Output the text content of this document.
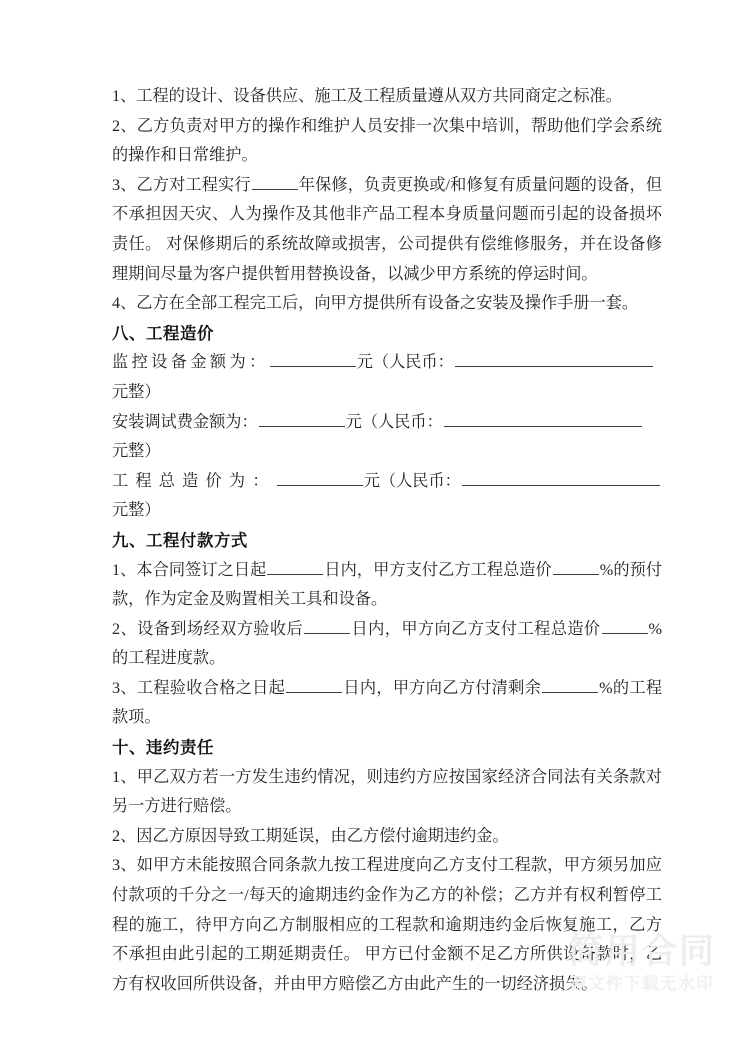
1、工程的设计、设备供应、施工及工程质量遵从双方共同商定之标准。

2、乙方负责对甲方的操作和维护人员安排一次集中培训，帮助他们学会系统的操作和日常维护。

3、乙方对工程实行	年保修，负责更换或/和修复有质量问题的设备，但不承担因天灾、人为操作及其他非产品工程本身质量问题而引起的设备损坏责任。 对保修期后的系统故障或损害，公司提供有偿维修服务，并在设备修理期间尽量为客户提供暂用替换设备，以减少甲方系统的停运时间。

4、乙方在全部工程完工后，向甲方提供所有设备之安装及操作手册一套。

八、工程造价

监控设备金额为：	元（人民币：

元整）

安装调试费金额为：	元（人民币：

元整）

工程总造价为：	元（人民币：

元整）

九、工程付款方式

1、本合同签订之日起	日内，甲方支付乙方工程总造价	%的预付款，作为定金及购置相关工具和设备。

2、设备到场经双方验收后	日内，甲方向乙方支付工程总造价	%的工程进度款。

3、工程验收合格之日起	日内，甲方向乙方付清剩余	%的工程款项。

十、违约责任

1、甲乙双方若一方发生违约情况，则违约方应按国家经济合同法有关条款对另一方进行赔偿。

2、因乙方原因导致工期延误，由乙方偿付逾期违约金。

3、如甲方未能按照合同条款九按工程进度向乙方支付工程款，甲方须另加应付款项的千分之一/每天的逾期违约金作为乙方的补偿；乙方并有权利暂停工程的施工，待甲方向乙方制服相应的工程款和逾期违约金后恢复施工，乙方不承担由此引起的工期延期责任。 甲方已付金额不足乙方所供设备款时，乙方有权收回所供设备，并由甲方赔偿乙方由此产生的一切经济损失。

简用合同
源文件下载无水印
